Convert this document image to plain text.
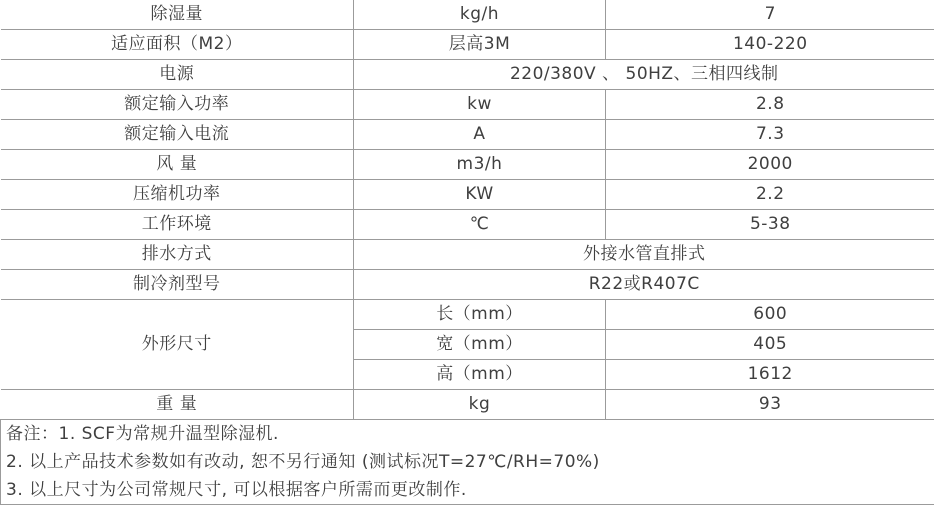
除湿量	kg/h	7
适应面积（M2）	层高3M	140-220
电源	220/380V 、 50HZ、三相四线制	
额定输入功率	kw	2.8
额定输入电流	A	7.3
风 量	m3/h	2000
压缩机功率	KW	2.2
工作环境	℃	5-38
排水方式	外接水管直排式	
制冷剂型号	R22或R407C	
外形尺寸	长（mm）	600
	宽（mm）	405
	高（mm）	1612
重 量	kg	93

备注：1. SCF为常规升温型除湿机.
2. 以上产品技术参数如有改动, 恕不另行通知 (测试标况T=27℃/RH=70%)
3. 以上尺寸为公司常规尺寸, 可以根据客户所需而更改制作.		
